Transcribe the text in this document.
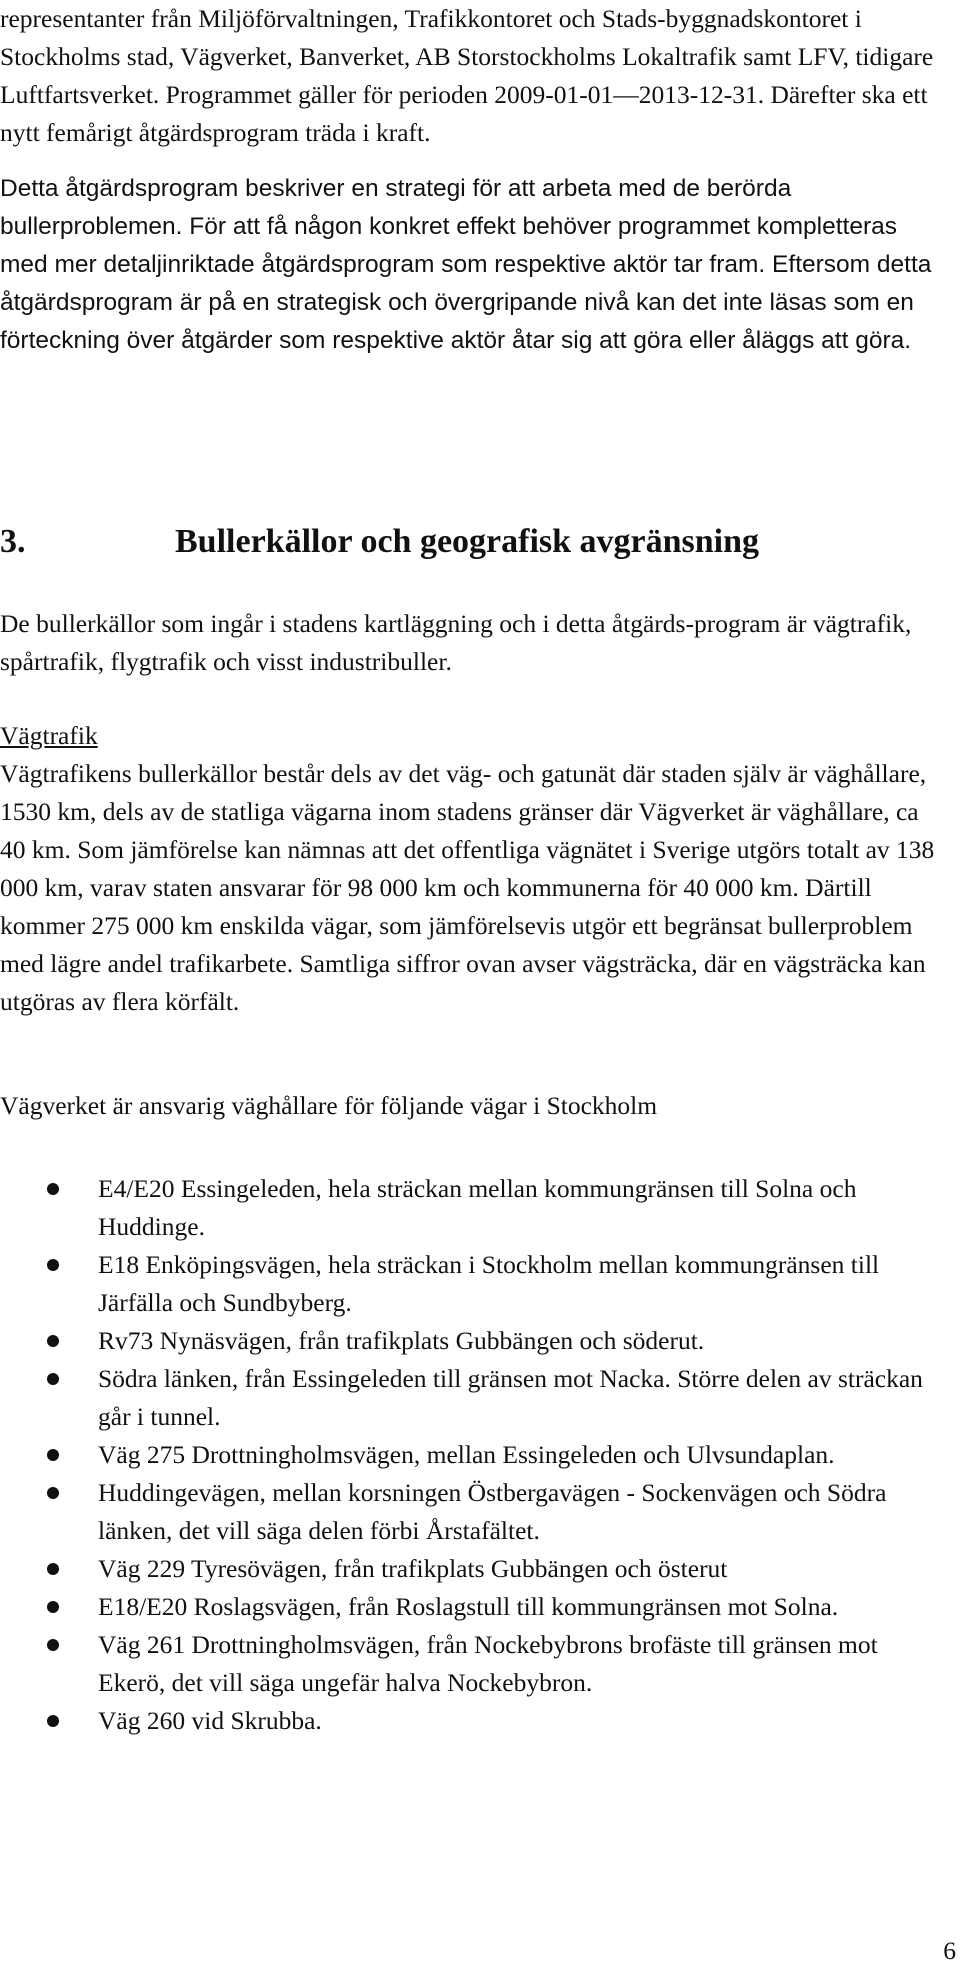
representanter från Miljöförvaltningen, Trafikkontoret och Stads-byggnadskontoret i Stockholms stad, Vägverket, Banverket, AB Storstockholms Lokaltrafik samt LFV, tidigare Luftfartsverket. Programmet gäller för perioden 2009-01-01—2013-12-31. Därefter ska ett nytt femårigt åtgärdsprogram träda i kraft.

Detta åtgärdsprogram beskriver en strategi för att arbeta med de berörda bullerproblemen. För att få någon konkret effekt behöver programmet kompletteras med mer detaljinriktade åtgärdsprogram som respektive aktör tar fram. Eftersom detta åtgärdsprogram är på en strategisk och övergripande nivå kan det inte läsas som en förteckning över åtgärder som respektive aktör åtar sig att göra eller åläggs att göra.

3.	Bullerkällor och geografisk avgränsning

De bullerkällor som ingår i stadens kartläggning och i detta åtgärds-program är vägtrafik, spårtrafik, flygtrafik och visst industribuller.

Vägtrafik

Vägtrafikens bullerkällor består dels av det väg- och gatunät där staden själv är väghållare, 1530 km, dels av de statliga vägarna inom stadens gränser där Vägverket är väghållare, ca 40 km. Som jämförelse kan nämnas att det offentliga vägnätet i Sverige utgörs totalt av 138 000 km, varav staten ansvarar för 98 000 km och kommunerna för 40 000 km. Därtill kommer 275 000 km enskilda vägar, som jämförelsevis utgör ett begränsat bullerproblem med lägre andel trafikarbete. Samtliga siffror ovan avser vägsträcka, där en vägsträcka kan utgöras av flera körfält.

Vägverket är ansvarig väghållare för följande vägar i Stockholm

E4/E20 Essingeleden, hela sträckan mellan kommungränsen till Solna och Huddinge.
E18 Enköpingsvägen, hela sträckan i Stockholm mellan kommungränsen till Järfälla och Sundbyberg.
Rv73 Nynäsvägen, från trafikplats Gubbängen och söderut.
Södra länken, från Essingeleden till gränsen mot Nacka. Större delen av sträckan går i tunnel.
Väg 275 Drottningholmsvägen, mellan Essingeleden och Ulvsundaplan.
Huddingevägen, mellan korsningen Östbergavägen - Sockenvägen och Södra länken, det vill säga delen förbi Årstafältet.
Väg 229 Tyresövägen, från trafikplats Gubbängen och österut
E18/E20 Roslagsvägen, från Roslagstull till kommungränsen mot Solna.
Väg 261 Drottningholmsvägen, från Nockebybrons brofäste till gränsen mot Ekerö, det vill säga ungefär halva Nockebybron.
Väg 260 vid Skrubba.
6
